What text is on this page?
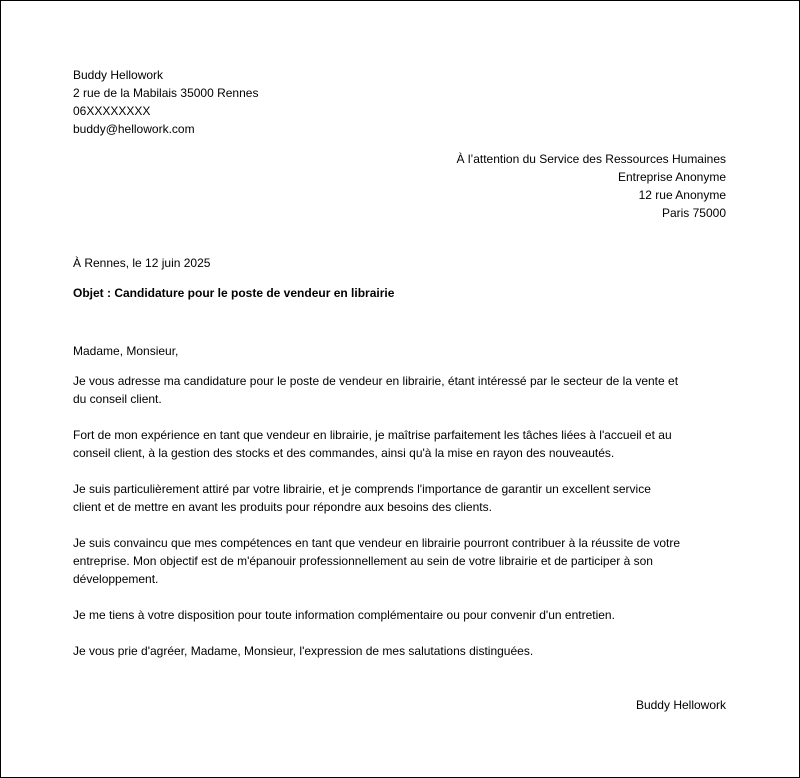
Buddy Hellowork
2 rue de la Mabilais 35000 Rennes
06XXXXXXXX
buddy@hellowork.com
À l’attention du Service des Ressources Humaines
Entreprise Anonyme
12 rue Anonyme
Paris 75000
À Rennes, le 12 juin 2025
Objet : Candidature pour le poste de vendeur en librairie
Madame, Monsieur,

Je vous adresse ma candidature pour le poste de vendeur en librairie, étant intéressé par le secteur de la vente et
du conseil client.

Fort de mon expérience en tant que vendeur en librairie, je maîtrise parfaitement les tâches liées à l'accueil et au
conseil client, à la gestion des stocks et des commandes, ainsi qu'à la mise en rayon des nouveautés.

Je suis particulièrement attiré par votre librairie, et je comprends l'importance de garantir un excellent service
client et de mettre en avant les produits pour répondre aux besoins des clients.

Je suis convaincu que mes compétences en tant que vendeur en librairie pourront contribuer à la réussite de votre
entreprise. Mon objectif est de m'épanouir professionnellement au sein de votre librairie et de participer à son
développement.

Je me tiens à votre disposition pour toute information complémentaire ou pour convenir d'un entretien.

Je vous prie d'agréer, Madame, Monsieur, l'expression de mes salutations distinguées.

Buddy Hellowork
